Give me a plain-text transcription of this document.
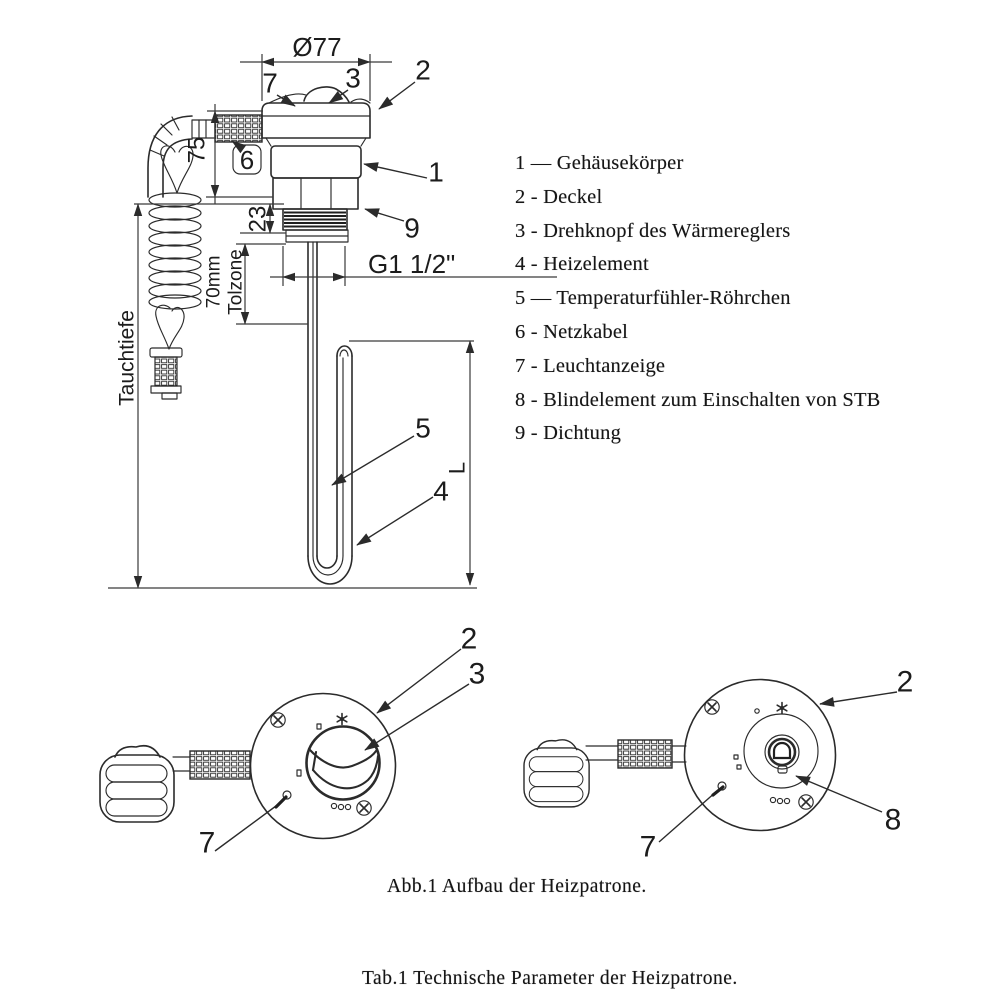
Ø77
G1 1/2"
75
23
70mm Tolzone
Tauchtiefe
L
7 3 2
6	1
9
5
4
2
3
7
2
8
7
1 — Gehäusekörper
2 - Deckel
3 - Drehknopf des Wärmereglers
4 - Heizelement
5 — Temperaturfühler-Röhrchen
6 - Netzkabel
7 - Leuchtanzeige
8 - Blindelement zum Einschalten von STB
9 - Dichtung
Abb.1 Aufbau der Heizpatrone.
Tab.1 Technische Parameter der Heizpatrone.
